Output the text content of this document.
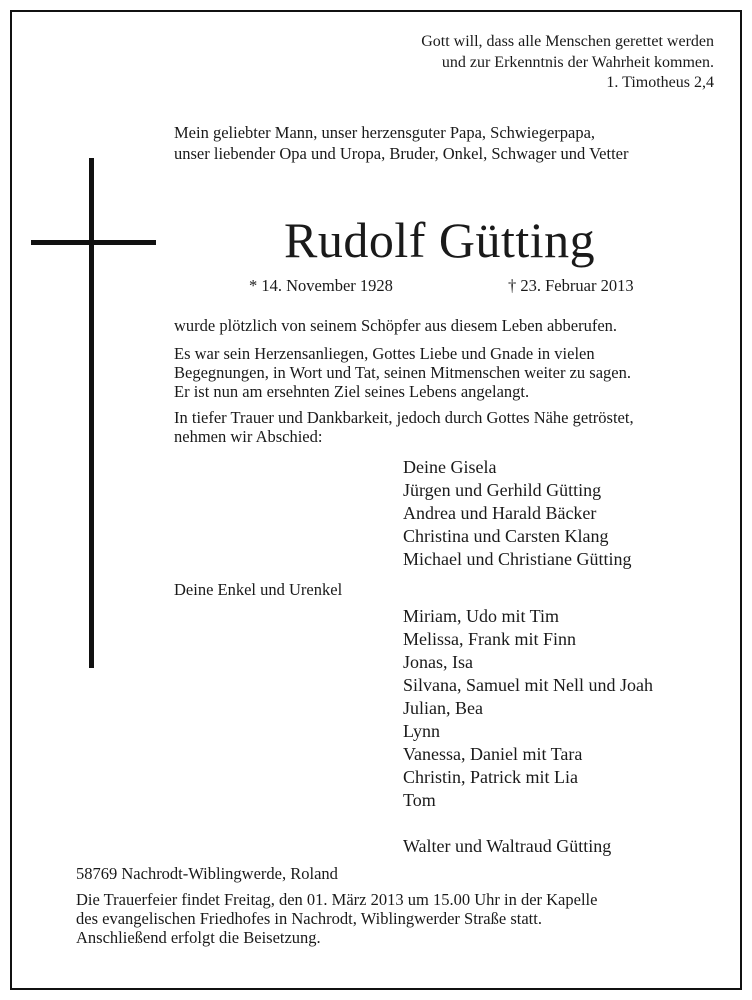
Gott will, dass alle Menschen gerettet werden
und zur Erkenntnis der Wahrheit kommen.
1. Timotheus 2,4
Mein geliebter Mann, unser herzensguter Papa, Schwiegerpapa,
unser liebender Opa und Uropa, Bruder, Onkel, Schwager und Vetter
Rudolf Gütting
* 14. November 1928	† 23. Februar 2013
wurde plötzlich von seinem Schöpfer aus diesem Leben abberufen.
Es war sein Herzensanliegen, Gottes Liebe und Gnade in vielen
Begegnungen, in Wort und Tat, seinen Mitmenschen weiter zu sagen.
Er ist nun am ersehnten Ziel seines Lebens angelangt.
In tiefer Trauer und Dankbarkeit, jedoch durch Gottes Nähe getröstet,
nehmen wir Abschied:
Deine Gisela
Jürgen und Gerhild Gütting
Andrea und Harald Bäcker
Christina und Carsten Klang
Michael und Christiane Gütting
Deine Enkel und Urenkel
Miriam, Udo mit Tim
Melissa, Frank mit Finn
Jonas, Isa
Silvana, Samuel mit Nell und Joah
Julian, Bea
Lynn
Vanessa, Daniel mit Tara
Christin, Patrick mit Lia
Tom
Walter und Waltraud Gütting
58769 Nachrodt-Wiblingwerde, Roland
Die Trauerfeier findet Freitag, den 01. März 2013 um 15.00 Uhr in der Kapelle
des evangelischen Friedhofes in Nachrodt, Wiblingwerder Straße statt.
Anschließend erfolgt die Beisetzung.
